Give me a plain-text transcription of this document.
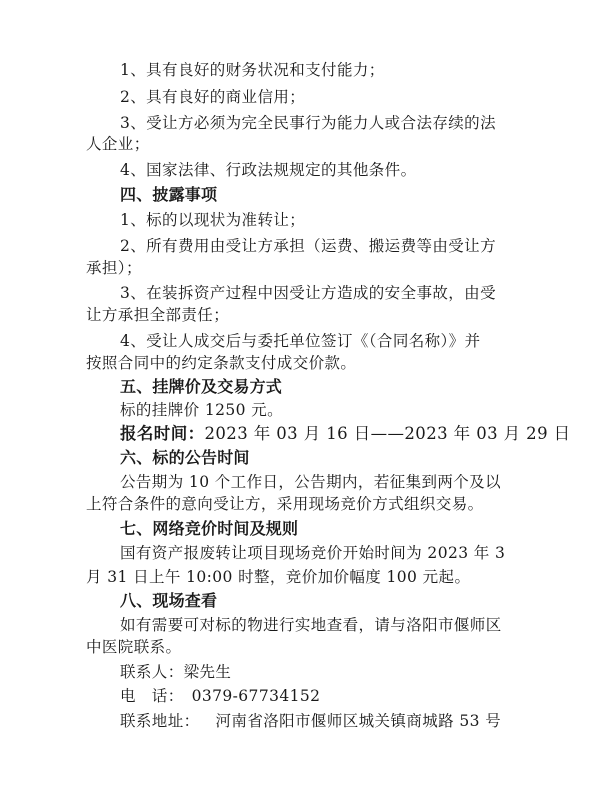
1、具有良好的财务状况和支付能力；
2、具有良好的商业信用；
3、受让方必须为完全民事行为能力人或合法存续的法
人企业；
4、国家法律、行政法规规定的其他条件。
四、披露事项
1、标的以现状为准转让；
2、所有费用由受让方承担（运费、搬运费等由受让方
承担）；
3、在装拆资产过程中因受让方造成的安全事故，由受
让方承担全部责任；
4、受让人成交后与委托单位签订《（合同名称）》并
按照合同中的约定条款支付成交价款。
五、挂牌价及交易方式
标的挂牌价 1250 元。
报名时间：2023 年 03 月 16 日——2023 年 03 月 29 日
六、标的公告时间
公告期为 10 个工作日，公告期内，若征集到两个及以
上符合条件的意向受让方，采用现场竞价方式组织交易。
七、网络竞价时间及规则
国有资产报废转让项目现场竞价开始时间为 2023 年 3
月 31 日上午 10:00 时整，竞价加价幅度 100 元起。
八、现场查看
如有需要可对标的物进行实地查看，请与洛阳市偃师区
中医院联系。
联系人：梁先生
电　话： 0379-67734152
联系地址： 河南省洛阳市偃师区城关镇商城路 53 号
